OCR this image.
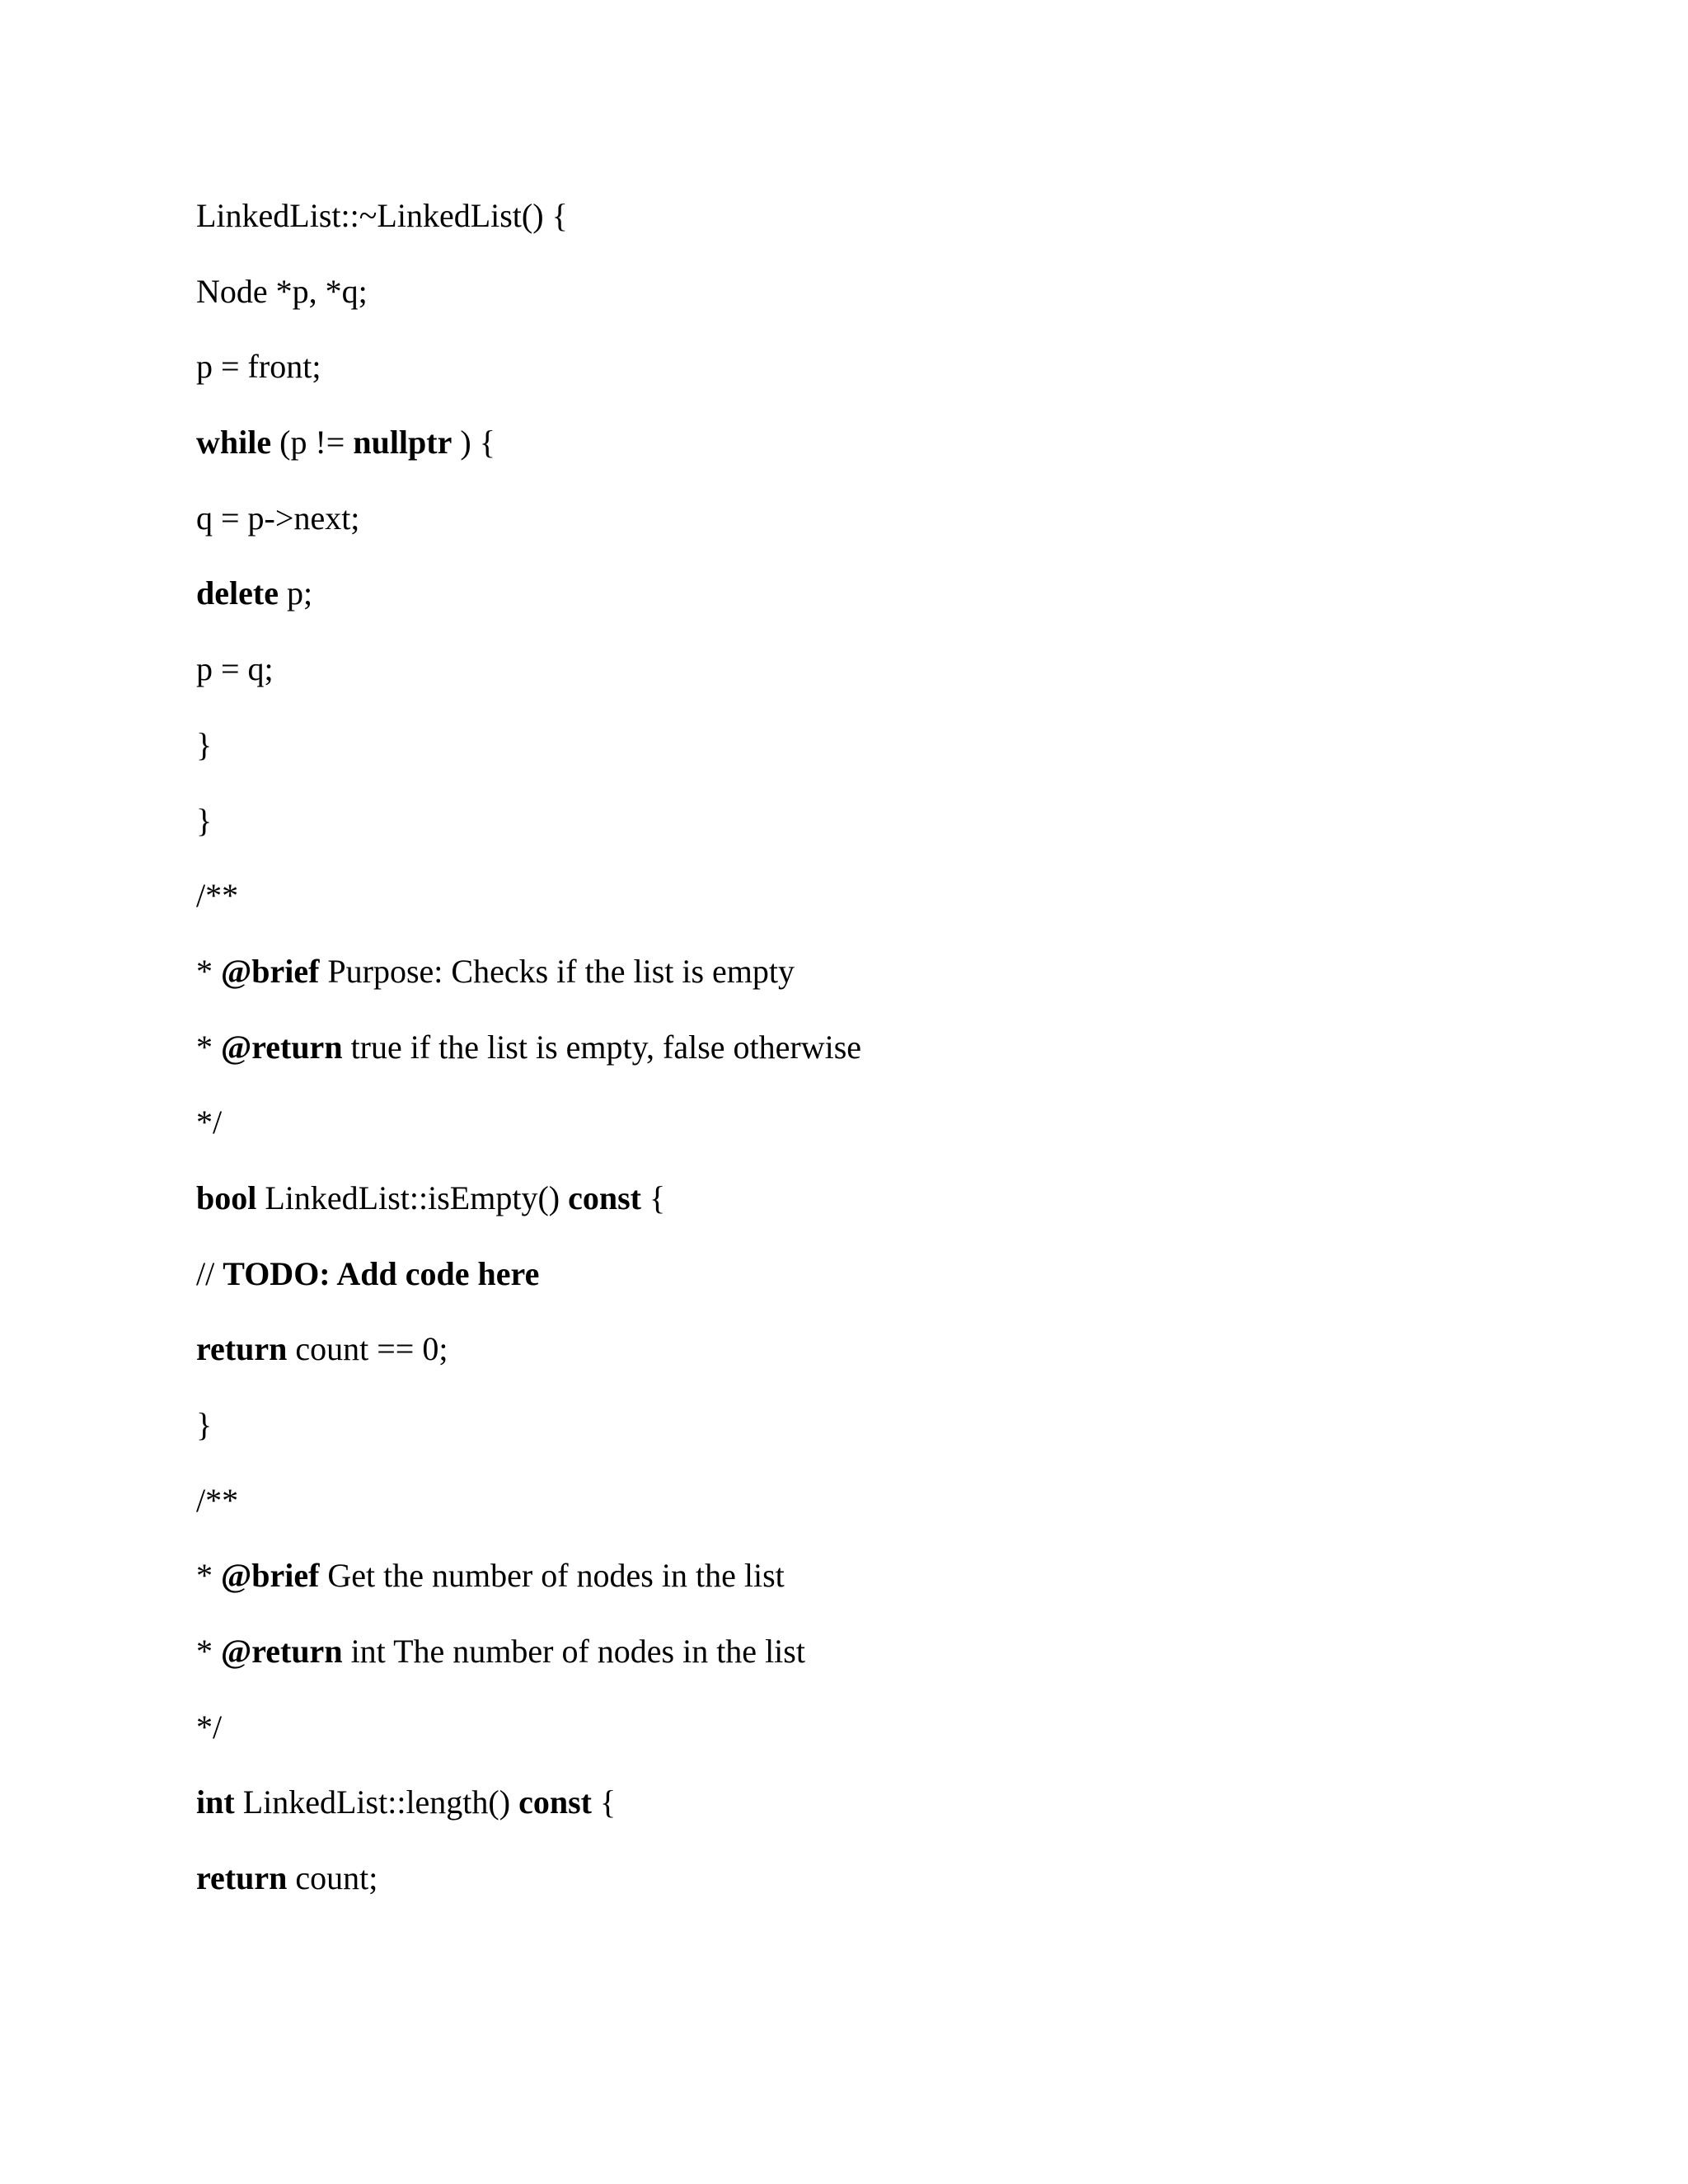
LinkedList::~LinkedList() {
Node *p, *q;
p = front;
while (p != nullptr ) {
q = p->next;
delete p;
p = q;
}
}
/**
* @brief Purpose: Checks if the list is empty
* @return true if the list is empty, false otherwise
*/
bool LinkedList::isEmpty() const {
// TODO: Add code here
return count == 0;
}
/**
* @brief Get the number of nodes in the list
* @return int The number of nodes in the list
*/
int LinkedList::length() const {
return count;
